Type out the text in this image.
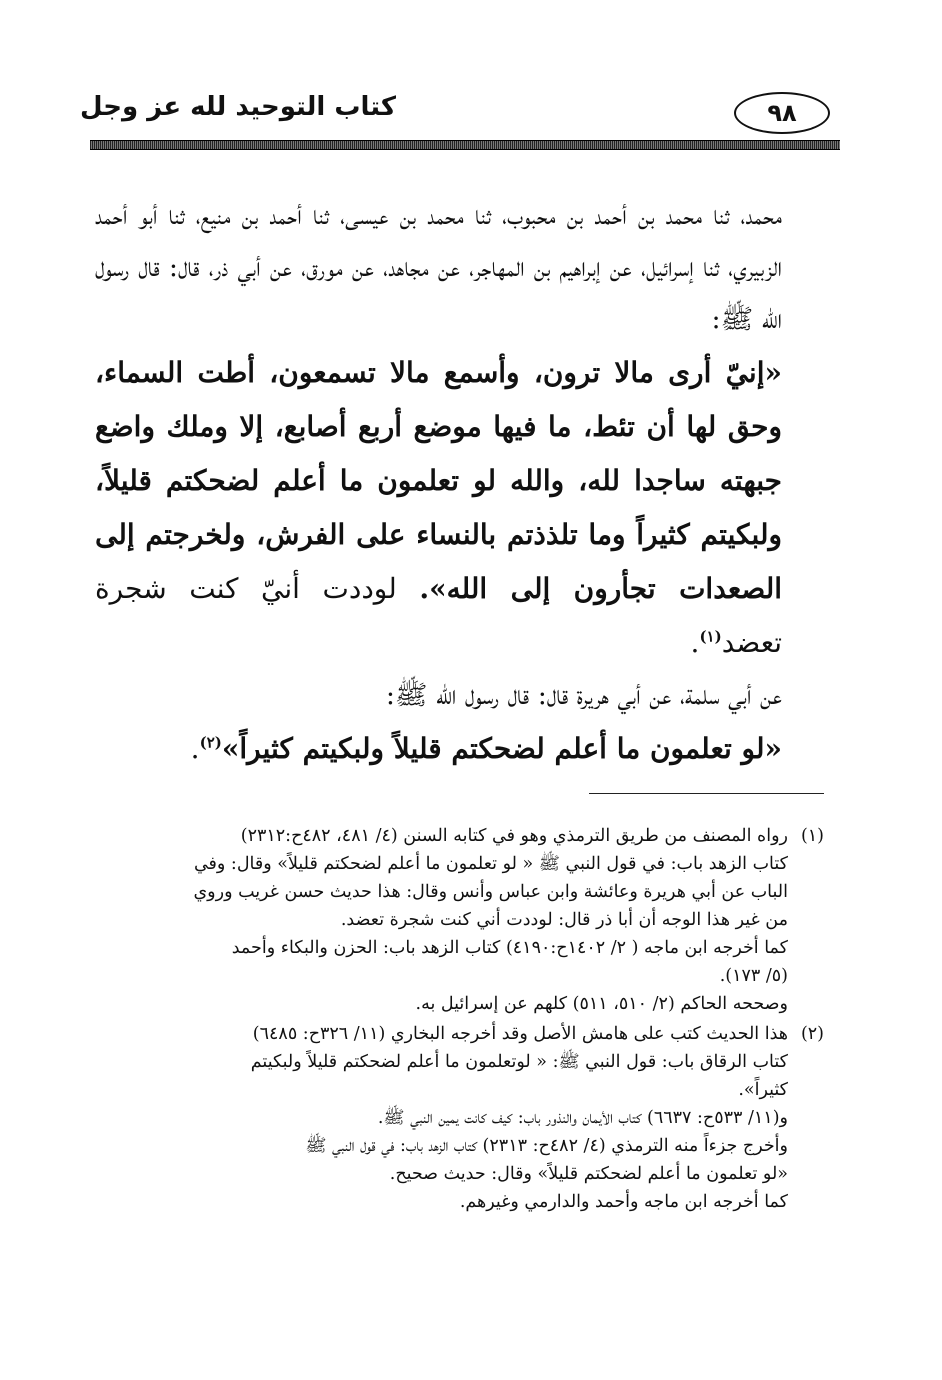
٩٨
كتاب التوحيد لله عز وجل

محمد، ثنا محمد بن أحمد بن محبوب، ثنا محمد بن عيسى، ثنا أحمد بن منيع، ثنا أبو أحمد الزبيري، ثنا إسرائيل، عن إبراهيم بن المهاجر، عن مجاهد، عن مورق، عن أبي ذر، قال: قال رسول الله ﷺ:

«إنيّ أرى مالا ترون، وأسمع مالا تسمعون، أطت السماء، وحق لها أن تئط، ما فيها موضع أربع أصابع، إلا وملك واضع جبهته ساجدا لله، والله لو تعلمون ما أعلم لضحكتم قليلاً، ولبكيتم كثيراً وما تلذذتم بالنساء على الفرش، ولخرجتم إلى الصعدات تجأرون إلى الله». لوددت أنيّ كنت شجرة تعضد$^{(١)}$.

عن أبي سلمة، عن أبي هريرة قال: قال رسول الله ﷺ:

«لو تعلمون ما أعلم لضحكتم قليلاً ولبكيتم كثيراً»$^{(٢)}$.

(١)
رواه المصنف من طريق الترمذي وهو في كتابه السنن (٤/ ٤٨١، ٤٨٢ح:٢٣١٢)
كتاب الزهد باب: في قول النبي ﷺ « لو تعلمون ما أعلم لضحكتم قليلاً» وقال: وفي
الباب عن أبي هريرة وعائشة وابن عباس وأنس وقال: هذا حديث حسن غريب وروي
من غير هذا الوجه أن أبا ذر قال: لوددت أني كنت شجرة تعضد.
كما أخرجه ابن ماجه ( ٢/ ١٤٠٢ح:٤١٩٠) كتاب الزهد باب: الحزن والبكاء وأحمد
(٥/ ١٧٣).
وصححه الحاكم (٢/ ٥١٠، ٥١١) كلهم عن إسرائيل به.
(٢)
هذا الحديث كتب على هامش الأصل وقد أخرجه البخاري (١١/ ٣٢٦ح: ٦٤٨٥)
كتاب الرقاق باب: قول النبي ﷺ: « لوتعلمون ما أعلم لضحكتم قليلاً ولبكيتم
كثيراً».
و(١١/ ٥٣٣ح: ٦٦٣٧) كتاب الأيمان والنذور باب: كيف كانت يمين النبي ﷺ.
وأخرج جزءاً منه الترمذي (٤/ ٤٨٢ح: ٢٣١٣) كتاب الزهد باب: في قول النبي ﷺ
«لو تعلمون ما أعلم لضحكتم قليلاً» وقال: حديث صحيح.
كما أخرجه ابن ماجه وأحمد والدارمي وغيرهم.
